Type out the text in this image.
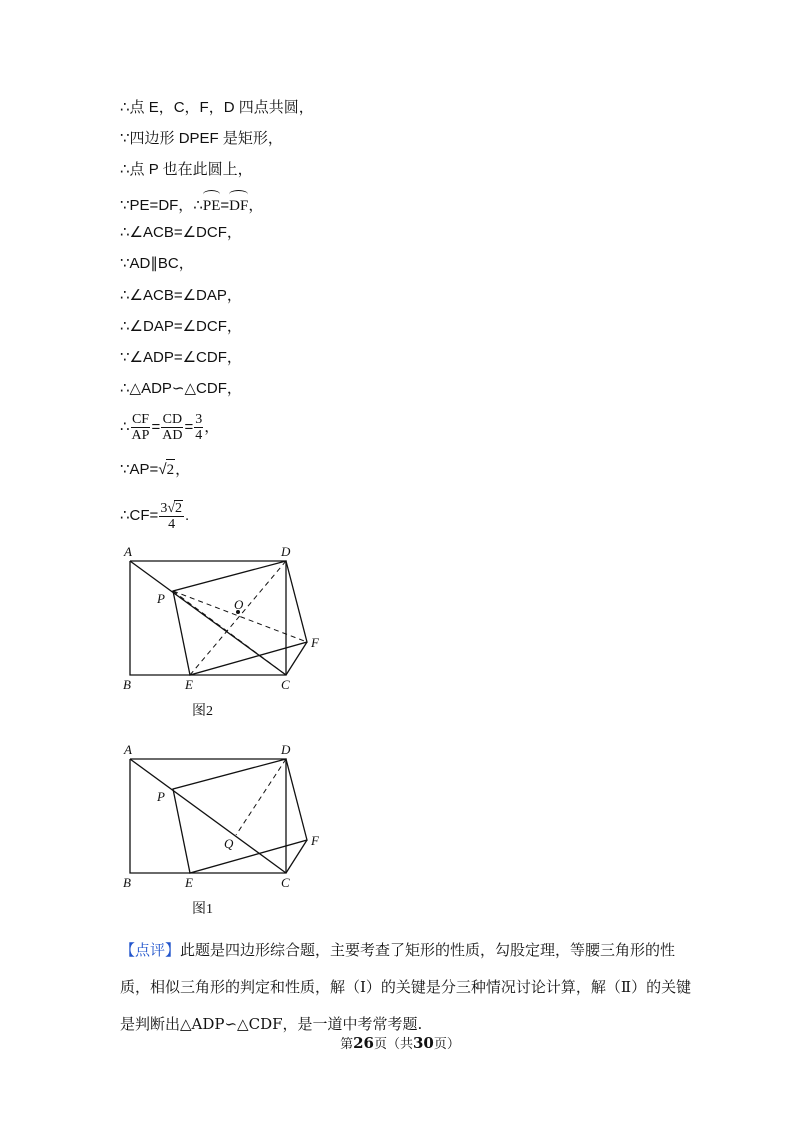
∴点 E，C，F，D 四点共圆，
∵四边形 DPEF 是矩形，
∴点 P 也在此圆上，
∵PE=DF，∴PE=DF，
∴∠ACB=∠DCF，
∵AD∥BC，
∴∠ACB=∠DAP，
∴∠DAP=∠DCF，
∵∠ADP=∠CDF，
∴△ADP∽△CDF，
∴ $\frac{CF}{AP} = \frac{CD}{AD} = \frac{3}{4}$ ，
∵AP=√2，
∴CF= $\frac{3√2}{4}$ .
A	D
P	O
F
B	E	C
图2
A	D
P
Q	F
B	E	C
图1
【点评】此题是四边形综合题，主要考查了矩形的性质，勾股定理，等腰三角形的性质，相似三角形的判定和性质，解（Ⅰ）的关键是分三种情况讨论计算，解（Ⅱ）的关键是判断出△ADP∽△CDF，是一道中考常考题.
第26页（共30页）
